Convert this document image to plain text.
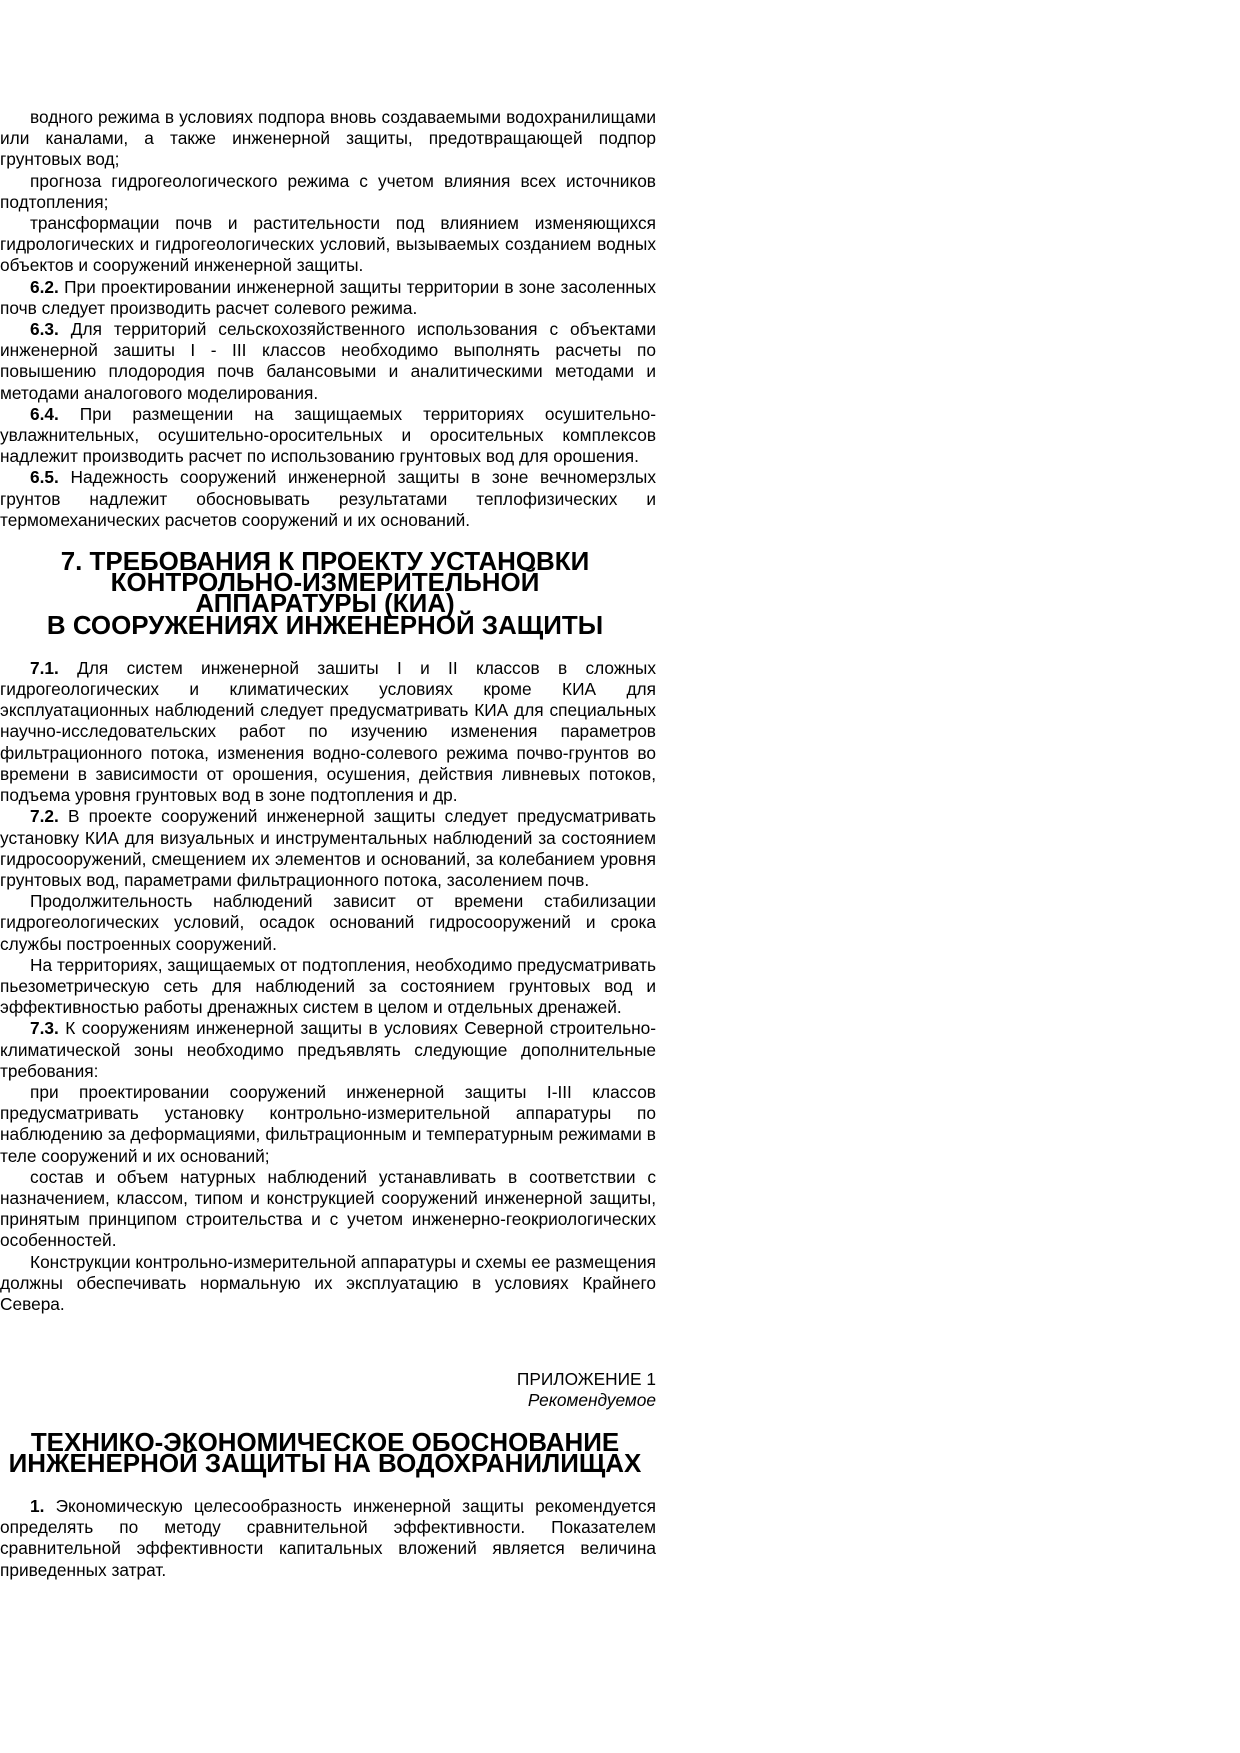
водного режима в условиях подпора вновь создаваемыми водохранилищами или каналами, а также инженерной защиты, предотвращающей подпор грунтовых вод;

прогноза гидрогеологического режима с учетом влияния всех источников подтопления;

трансформации почв и растительности под влиянием изменяющихся гидрологических и гидрогеологических условий, вызываемых созданием водных объектов и сооружений инженерной защиты.

6.2. При проектировании инженерной защиты территории в зоне засоленных почв следует производить расчет солевого режима.

6.3. Для территорий сельскохозяйственного использования с объектами инженерной зашиты I - III классов необходимо выполнять расчеты по повышению плодородия почв балансовыми и аналитическими методами и методами аналогового моделирования.

6.4. При размещении на защищаемых территориях осушительно-увлажнительных, осушительно-оросительных и оросительных комплексов надлежит производить расчет по использованию грунтовых вод для орошения.

6.5. Надежность сооружений инженерной защиты в зоне вечномерзлых грунтов надлежит обосновывать результатами теплофизических и термомеханических расчетов сооружений и их оснований.

7. ТРЕБОВАНИЯ К ПРОЕКТУ УСТАНОВКИ
КОНТРОЛЬНО-ИЗМЕРИТЕЛЬНОЙ
АППАРАТУРЫ (КИА)
В СООРУЖЕНИЯХ ИНЖЕНЕРНОЙ ЗАЩИТЫ

7.1. Для систем инженерной зашиты I и II классов в сложных гидрогеологических и климатических условиях кроме КИА для эксплуатационных наблюдений следует предусматривать КИА для специальных научно-исследовательских работ по изучению изменения параметров фильтрационного потока, изменения водно-солевого режима почво-грунтов во времени в зависимости от орошения, осушения, действия ливневых потоков, подъема уровня грунтовых вод в зоне подтопления и др.

7.2. В проекте сооружений инженерной защиты следует предусматривать установку КИА для визуальных и инструментальных наблюдений за состоянием гидросооружений, смещением их элементов и оснований, за колебанием уровня грунтовых вод, параметрами фильтрационного потока, засолением почв.

Продолжительность наблюдений зависит от времени стабилизации гидрогеологических условий, осадок оснований гидросооружений и срока службы построенных сооружений.

На территориях, защищаемых от подтопления, необходимо предусматривать пьезометрическую сеть для наблюдений за состоянием грунтовых вод и эффективностью работы дренажных систем в целом и отдельных дренажей.

7.3. К сооружениям инженерной защиты в условиях Северной строительно-климатической зоны необходимо предъявлять следующие дополнительные требования:

при проектировании сооружений инженерной защиты I-III классов предусматривать установку контрольно-измерительной аппаратуры по наблюдению за деформациями, фильтрационным и температурным режимами в теле сооружений и их оснований;

состав и объем натурных наблюдений устанавливать в соответствии с назначением, классом, типом и конструкцией сооружений инженерной защиты, принятым принципом строительства и с учетом инженерно-геокриологических особенностей.

Конструкции контрольно-измерительной аппаратуры и схемы ее размещения должны обеспечивать нормальную их эксплуатацию в условиях Крайнего Севера.

ПРИЛОЖЕНИЕ 1

Рекомендуемое

ТЕХНИКО-ЭКОНОМИЧЕСКОЕ ОБОСНОВАНИЕ
ИНЖЕНЕРНОЙ ЗАЩИТЫ НА ВОДОХРАНИЛИЩАХ

1. Экономическую целесообразность инженерной защиты рекомендуется определять по методу сравнительной эффективности. Показателем сравнительной эффективности капитальных вложений является величина приведенных затрат.
